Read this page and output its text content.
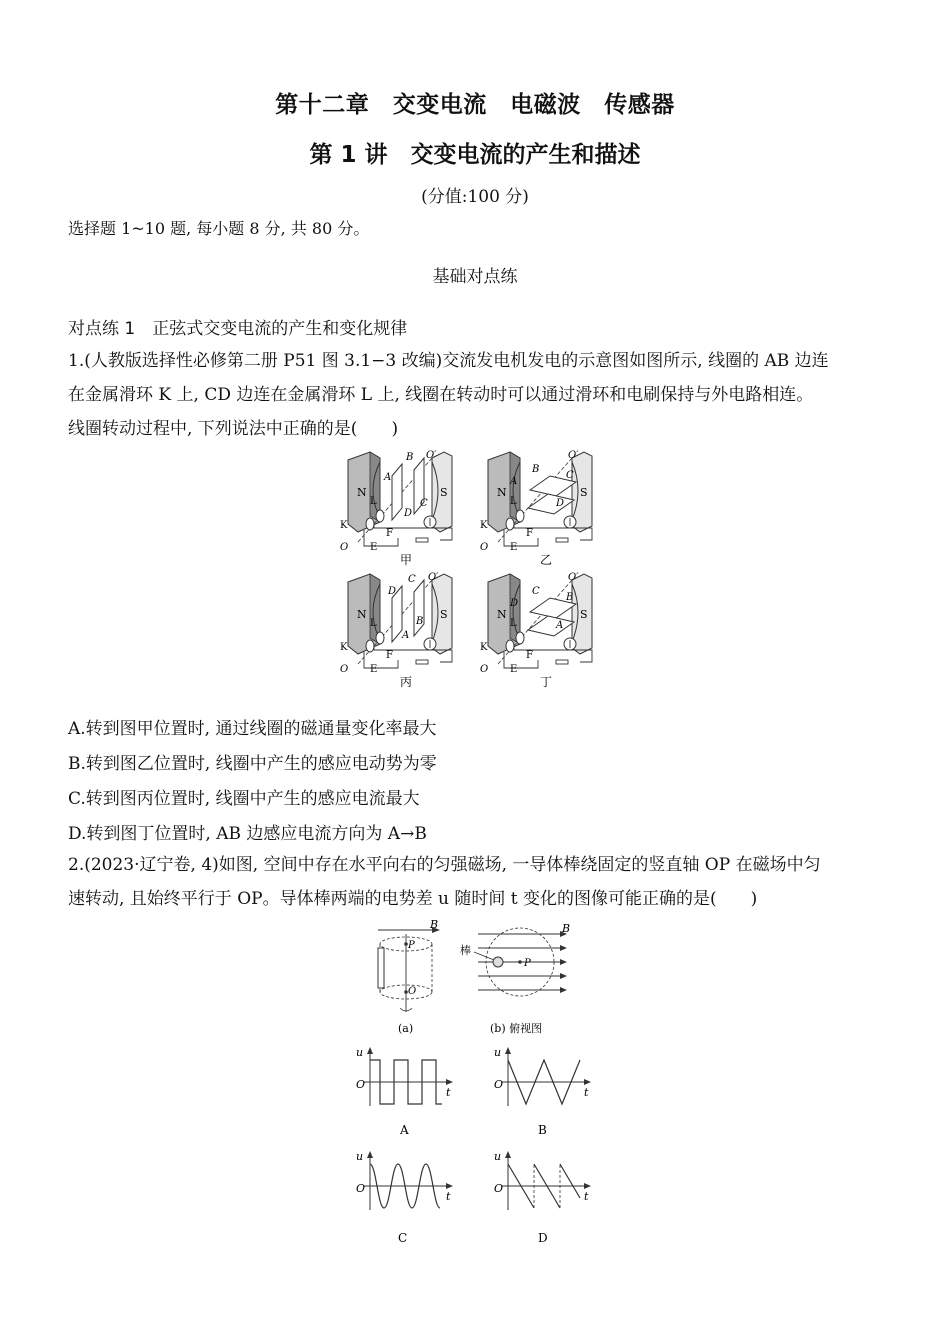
第十二章　交变电流　电磁波　传感器
第 1 讲　交变电流的产生和描述
(分值:100 分)
选择题 1~10 题, 每小题 8 分, 共 80 分。
基础对点练
对点练 1　正弦式交变电流的产生和变化规律
1.(人教版选择性必修第二册 P51 图 3.1−3 改编)交流发电机发电的示意图如图所示, 线圈的 AB 边连
在金属滑环 K 上, CD 边连在金属滑环 L 上, 线圈在转动时可以通过滑环和电刷保持与外电路相连。
线圈转动过程中, 下列说法中正确的是(　　)
N	S
L
A
B
C
D
O′
K
F
O E
甲
N	S
L
A
B
C
D
O′
K
F
O E
乙
N	S
L
D
C
B
A
O′
K
F
O E
丙
N	S
L
D
C
B
A
O′
K
F
O E
丁
A.转到图甲位置时, 通过线圈的磁通量变化率最大
B.转到图乙位置时, 线圈中产生的感应电动势为零
C.转到图丙位置时, 线圈中产生的感应电流最大
D.转到图丁位置时, AB 边感应电流方向为 A→B
2.(2023·辽宁卷, 4)如图, 空间中存在水平向右的匀强磁场, 一导体棒绕固定的竖直轴 OP 在磁场中匀
速转动, 且始终平行于 OP。导体棒两端的电势差 u 随时间 t 变化的图像可能正确的是(　　)
B
P
O
(a)
B
P
棒
(b) 俯视图
u
O
t
A
u
O
t
B
u
O
t
C
u
O
t
D
